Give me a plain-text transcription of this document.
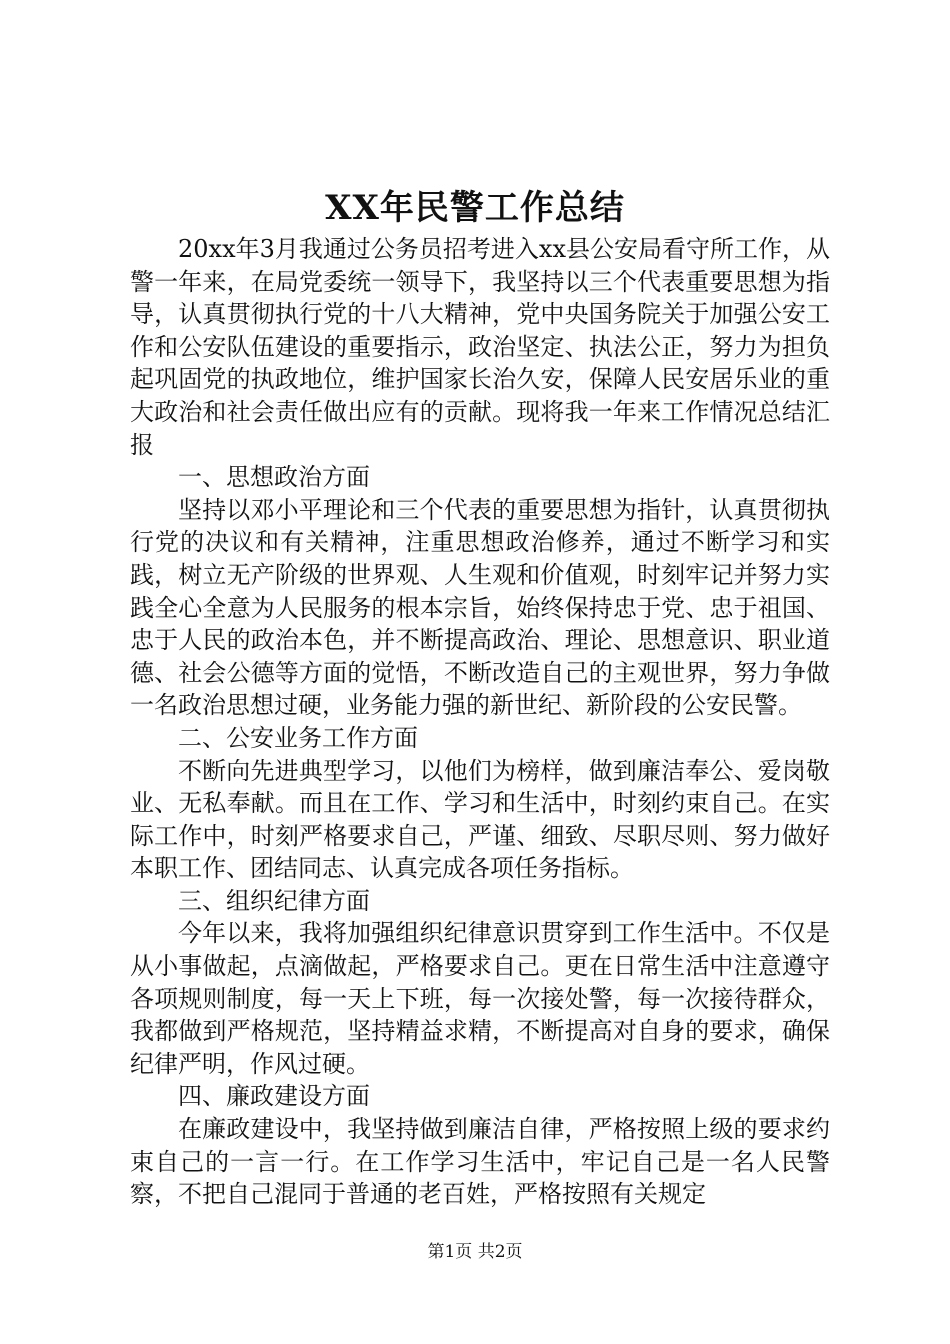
XX年民警工作总结

20xx年3月我通过公务员招考进入xx县公安局看守所工作，从警一年来，在局党委统一领导下，我坚持以三个代表重要思想为指导，认真贯彻执行党的十八大精神，党中央国务院关于加强公安工作和公安队伍建设的重要指示，政治坚定、执法公正，努力为担负起巩固党的执政地位，维护国家长治久安，保障人民安居乐业的重大政治和社会责任做出应有的贡献。现将我一年来工作情况总结汇报

一、思想政治方面

坚持以邓小平理论和三个代表的重要思想为指针，认真贯彻执行党的决议和有关精神，注重思想政治修养，通过不断学习和实践，树立无产阶级的世界观、人生观和价值观，时刻牢记并努力实践全心全意为人民服务的根本宗旨，始终保持忠于党、忠于祖国、忠于人民的政治本色，并不断提高政治、理论、思想意识、职业道德、社会公德等方面的觉悟，不断改造自己的主观世界，努力争做一名政治思想过硬，业务能力强的新世纪、新阶段的公安民警。

二、公安业务工作方面

不断向先进典型学习，以他们为榜样，做到廉洁奉公、爱岗敬业、无私奉献。而且在工作、学习和生活中，时刻约束自己。在实际工作中，时刻严格要求自己，严谨、细致、尽职尽则、努力做好本职工作、团结同志、认真完成各项任务指标。

三、组织纪律方面

今年以来，我将加强组织纪律意识贯穿到工作生活中。不仅是从小事做起，点滴做起，严格要求自己。更在日常生活中注意遵守各项规则制度，每一天上下班，每一次接处警，每一次接待群众，我都做到严格规范，坚持精益求精，不断提高对自身的要求，确保纪律严明，作风过硬。

四、廉政建设方面

在廉政建设中，我坚持做到廉洁自律，严格按照上级的要求约束自己的一言一行。在工作学习生活中，牢记自己是一名人民警察，不把自己混同于普通的老百姓，严格按照有关规定

第1页 共2页
